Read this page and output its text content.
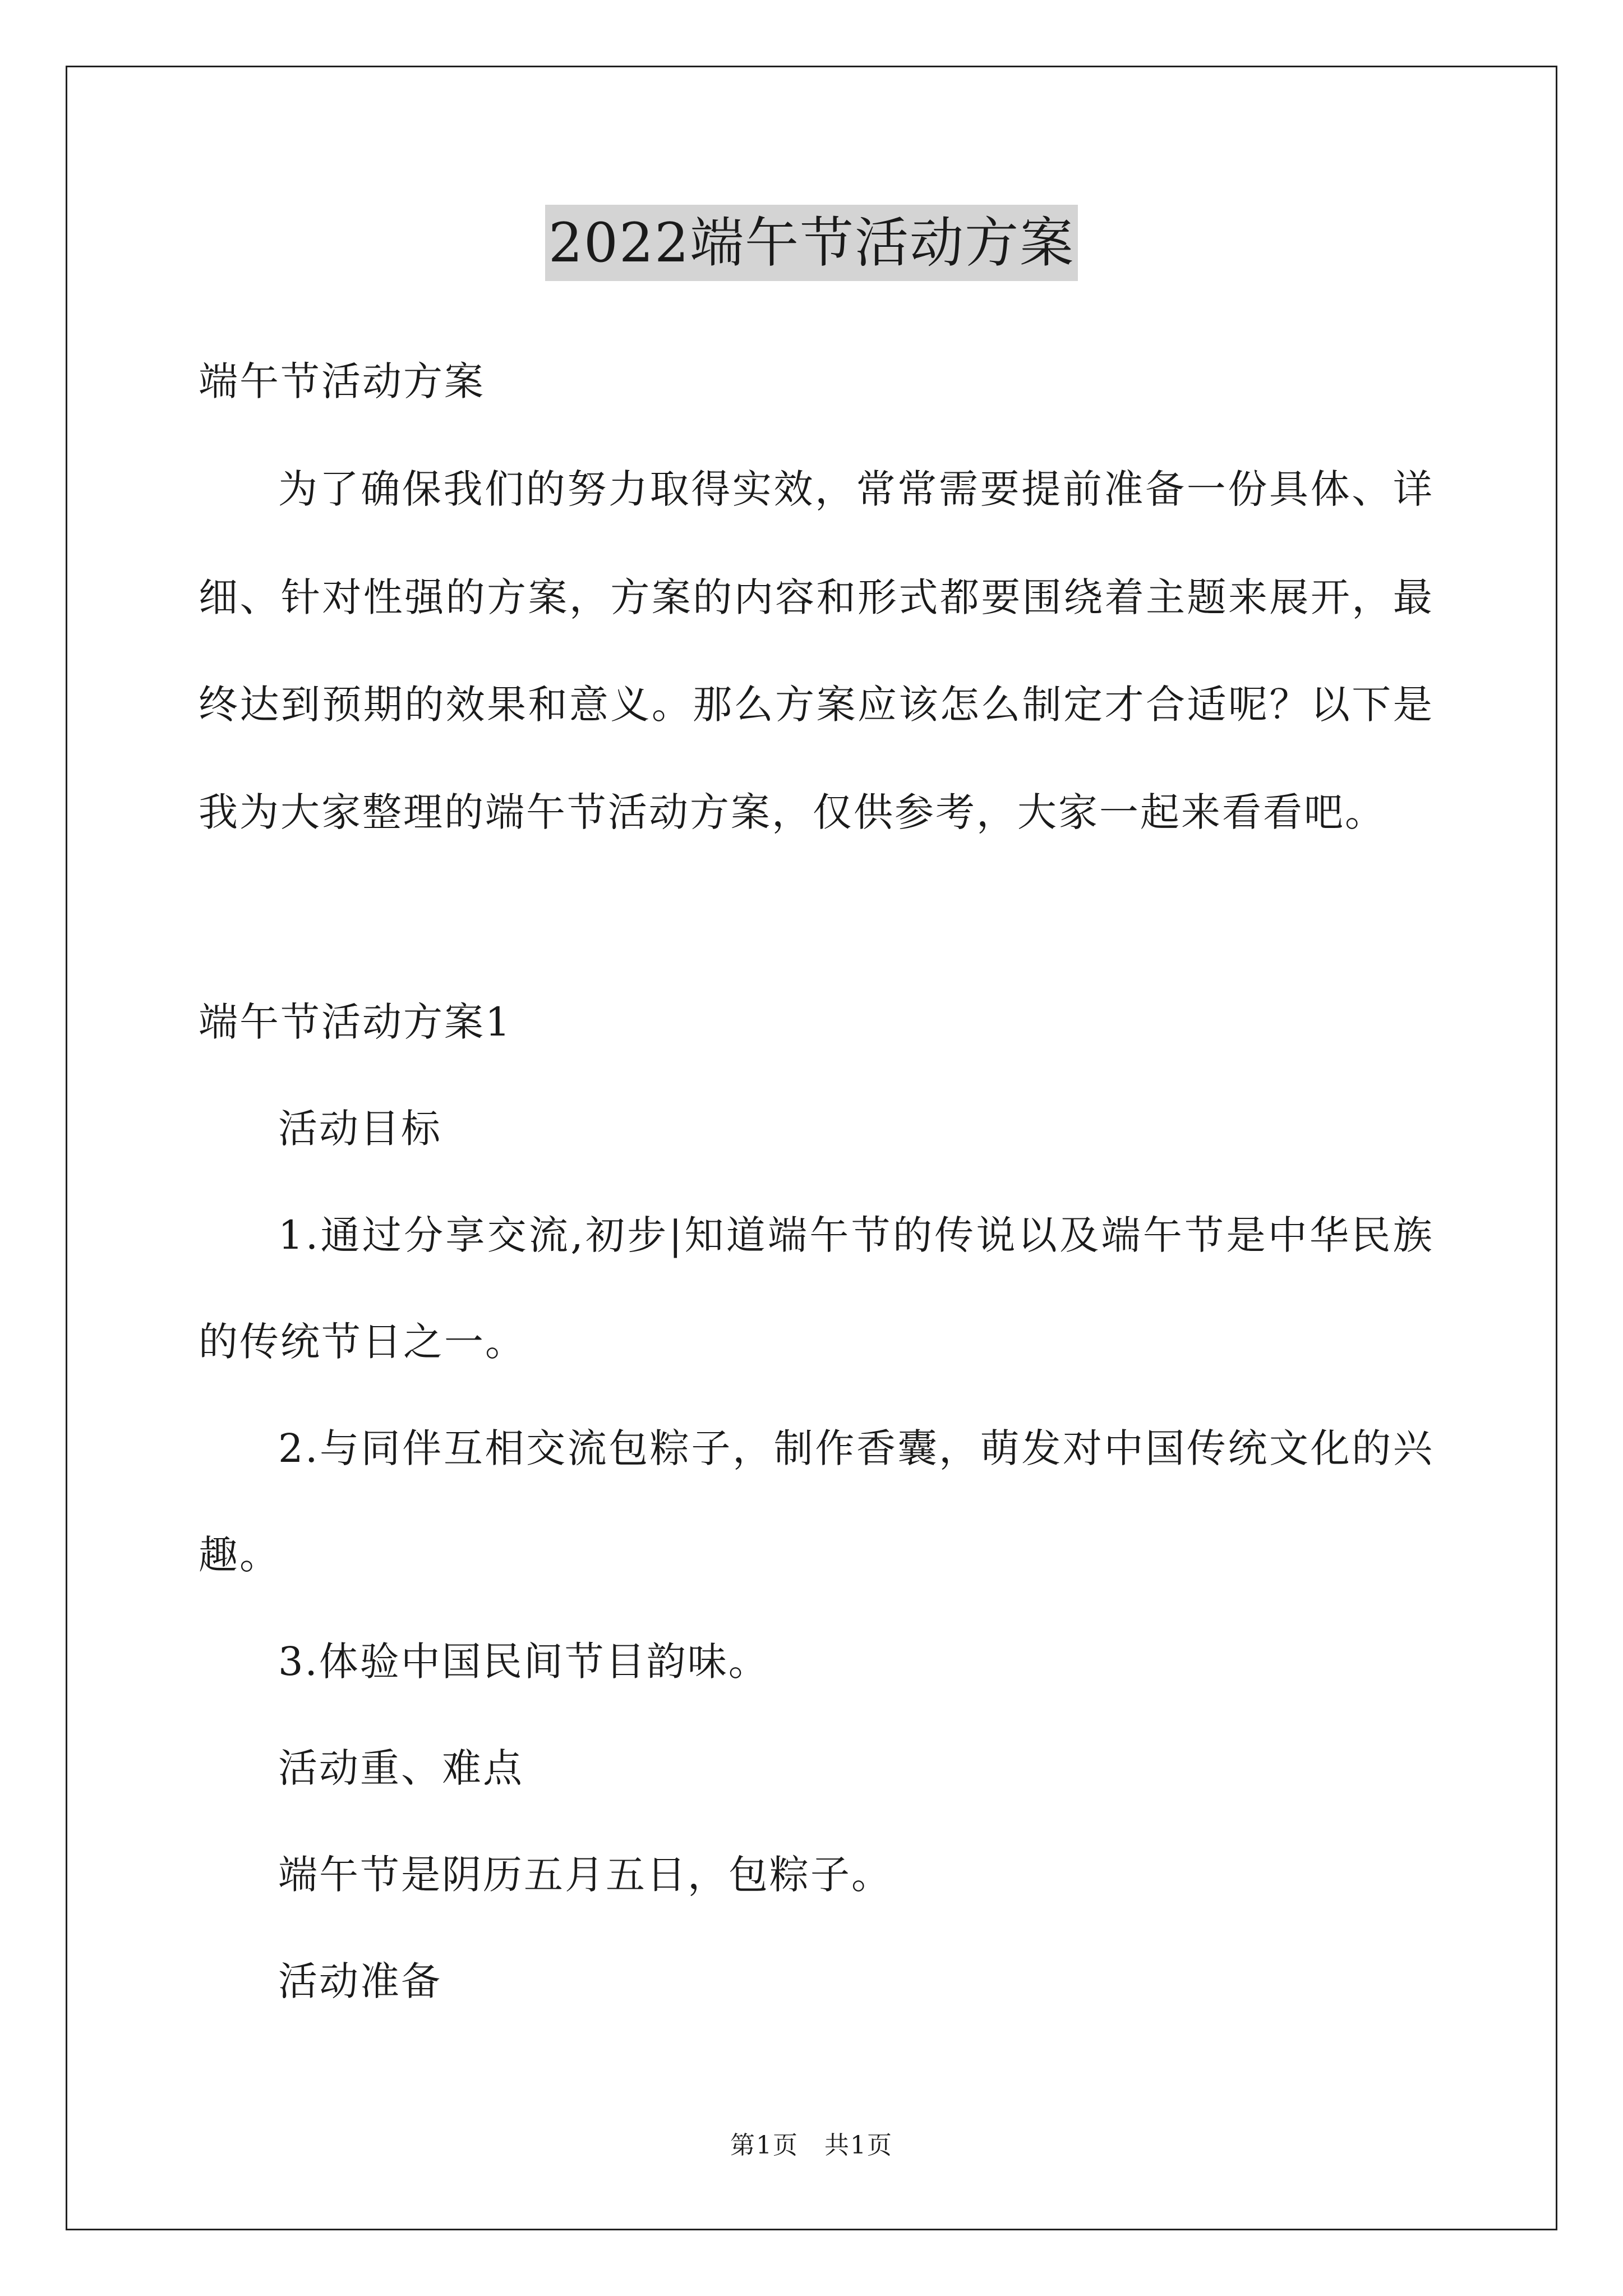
2022端午节活动方案
端午节活动方案
为 了 确 保 我 们 的 努 力 取 得 实 效 ， 常 常 需 要 提 前 准 备 一 份 具 体 、 详
细 、 针 对 性 强 的 方 案 ， 方 案 的 内 容 和 形 式 都 要 围 绕 着 主 题 来 展 开 ， 最
终 达 到 预 期 的 效 果 和 意 义 。 那 么 方 案 应 该 怎 么 制 定 才 合 适 呢 ？ 以 下 是
我为大家整理的端午节活动方案，仅供参考，大家一起来看看吧。
端午节活动方案1
活动目标
1 . 通 过 分 享 交 流 , 初 步 | 知 道 端 午 节 的 传 说 以 及 端 午 节 是 中 华 民 族
的传统节日之一。
2 . 与 同 伴 互 相 交 流 包 粽 子 ， 制 作 香 囊 ， 萌 发 对 中 国 传 统 文 化 的 兴
趣。
3.体验中国民间节目韵味。
活动重、难点
端午节是阴历五月五日，包粽子。
活动准备
第1页　共1页
